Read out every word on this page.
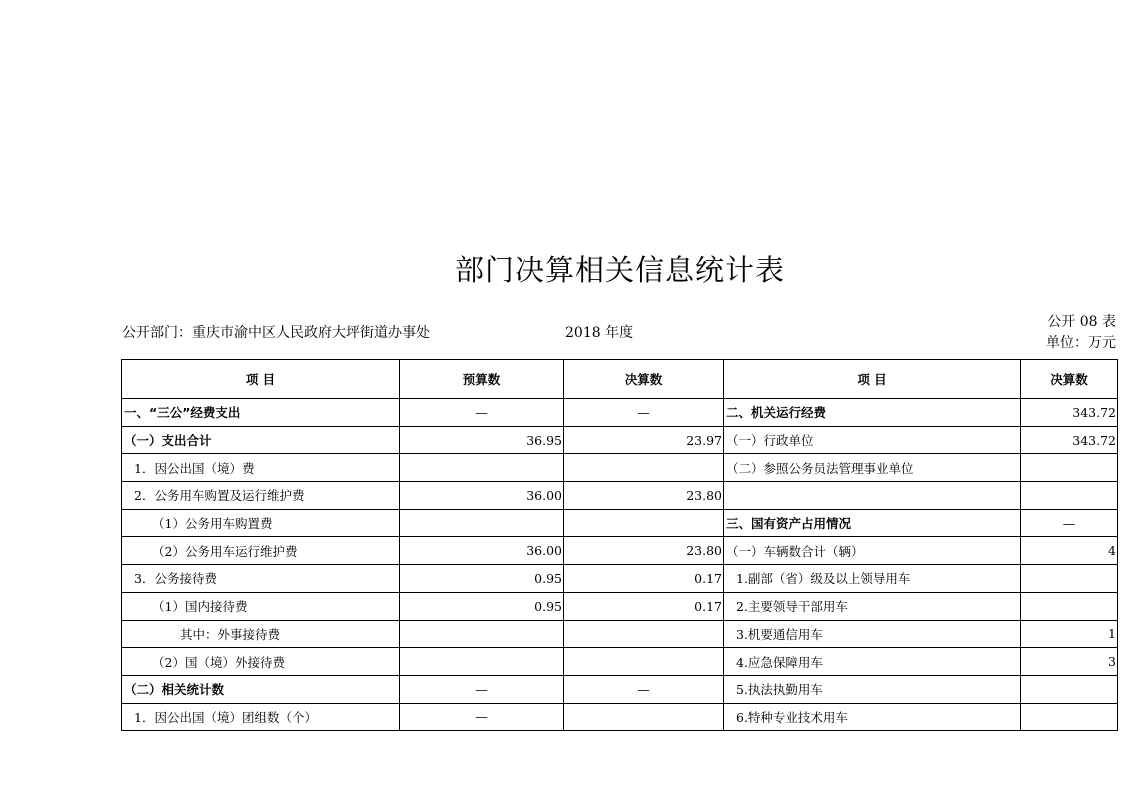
部门决算相关信息统计表
公开部门：重庆市渝中区人民政府大坪街道办事处	2018 年度
公开 08 表
单位：万元
项 目	预算数	决算数	项 目	决算数
一、“三公”经费支出	—	—	二、机关运行经费	343.72
（一）支出合计	36.95	23.97	（一）行政单位	343.72
1．因公出国（境）费			（二）参照公务员法管理事业单位	
2．公务用车购置及运行维护费	36.00	23.80		
（1）公务用车购置费			三、国有资产占用情况	—
（2）公务用车运行维护费	36.00	23.80	（一）车辆数合计（辆）	4
3．公务接待费	0.95	0.17	1.副部（省）级及以上领导用车	
（1）国内接待费	0.95	0.17	2.主要领导干部用车	
其中：外事接待费			3.机要通信用车	1
（2）国（境）外接待费			4.应急保障用车	3
（二）相关统计数	—	—	5.执法执勤用车	
1．因公出国（境）团组数（个）	—		6.特种专业技术用车	
